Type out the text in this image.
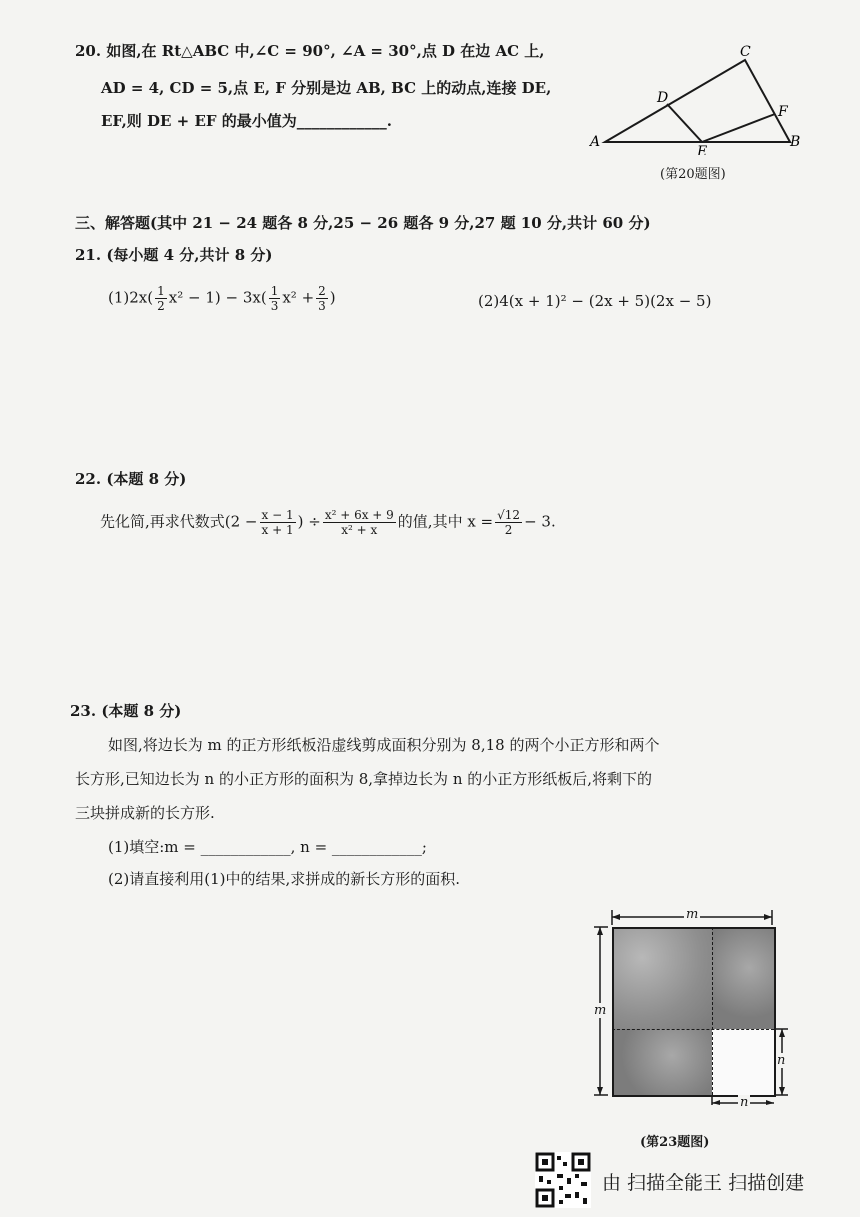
20. 如图,在 Rt△ABC 中,∠C = 90°, ∠A = 30°,点 D 在边 AC 上,
AD = 4, CD = 5,点 E, F 分别是边 AB, BC 上的动点,连接 DE,
EF,则 DE + EF 的最小值为____________.
A	B
C
D
E
F
(第20题图)
三、解答题(其中 21 − 24 题各 8 分,25 − 26 题各 9 分,27 题 10 分,共计 60 分)
21. (每小题 4 分,共计 8 分)
$(1)2x( \frac{1}{2} x^2 - 1) - 3x( \frac{1}{3} x^2 + \frac{2}{3}$ )	(2)4(x + 1)² − (2x + 5)(2x − 5)
22. (本题 8 分)
先化简,再求代数式($2 - \frac{x - 1}{x + 1}$ ) ÷ $\frac{\text{x² + 6x + 9}}{\text{x² + x}}$ 的值,其中 $x = \frac{√12}{2} - 3$.
23. (本题 8 分)
如图,将边长为 m 的正方形纸板沿虚线剪成面积分别为 8,18 的两个小正方形和两个
长方形,已知边长为 n 的小正方形的面积为 8,拿掉边长为 n 的小正方形纸板后,将剩下的
三块拼成新的长方形.
(1)填空:m = ____________, n = ____________;
(2)请直接利用(1)中的结果,求拼成的新长方形的面积.
m
m
n
n
(第23题图)
由 扫描全能王 扫描创建
